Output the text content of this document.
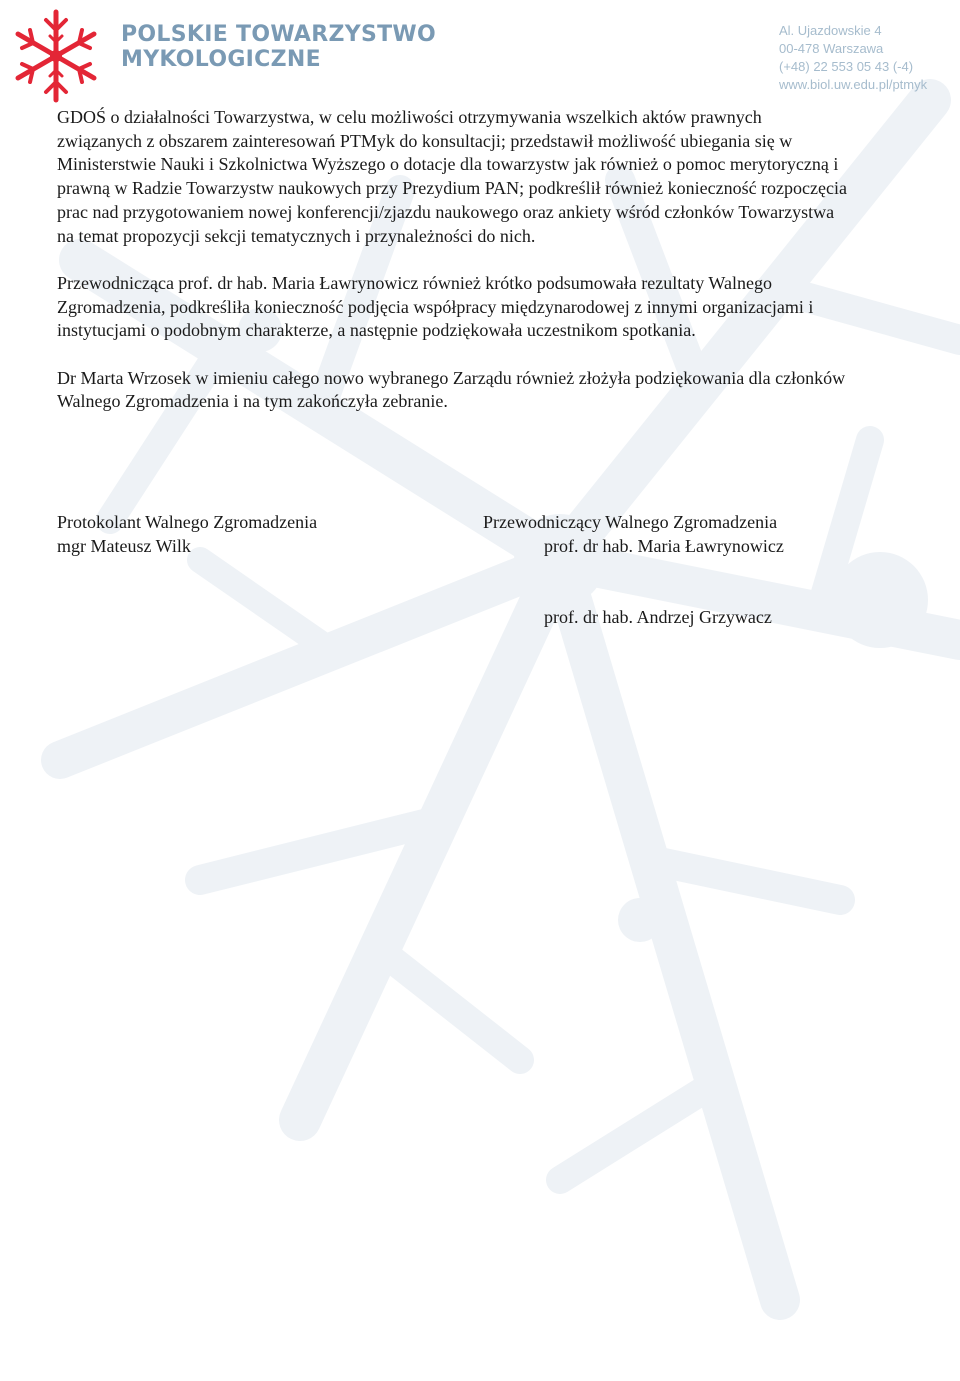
POLSKIE TOWARZYSTWO
MYKOLOGICZNE
Al. Ujazdowskie 4
00-478 Warszawa
(+48) 22 553 05 43 (-4)
www.biol.uw.edu.pl/ptmyk

GDOŚ o działalności Towarzystwa, w celu możliwości otrzymywania wszelkich aktów prawnych związanych z obszarem zainteresowań PTMyk do konsultacji; przedstawił możliwość ubiegania się w Ministerstwie Nauki i Szkolnictwa Wyższego o dotacje dla towarzystw jak również o pomoc merytoryczną i prawną w Radzie Towarzystw naukowych przy Prezydium PAN; podkreślił również konieczność rozpoczęcia prac nad przygotowaniem nowej konferencji/zjazdu naukowego oraz ankiety wśród członków Towarzystwa na temat propozycji sekcji tematycznych i przynależności do nich.

Przewodnicząca prof. dr hab. Maria Ławrynowicz również krótko podsumowała rezultaty Walnego Zgromadzenia, podkreśliła konieczność podjęcia współpracy międzynarodowej z innymi organizacjami i instytucjami o podobnym charakterze, a następnie podziękowała uczestnikom spotkania.

Dr Marta Wrzosek w imieniu całego nowo wybranego Zarządu również złożyła podziękowania dla członków Walnego Zgromadzenia i na tym zakończyła zebranie.

Protokolant Walnego Zgromadzenia
mgr Mateusz Wilk
Przewodniczący Walnego Zgromadzenia
prof. dr hab. Maria Ławrynowicz
prof. dr hab. Andrzej Grzywacz
